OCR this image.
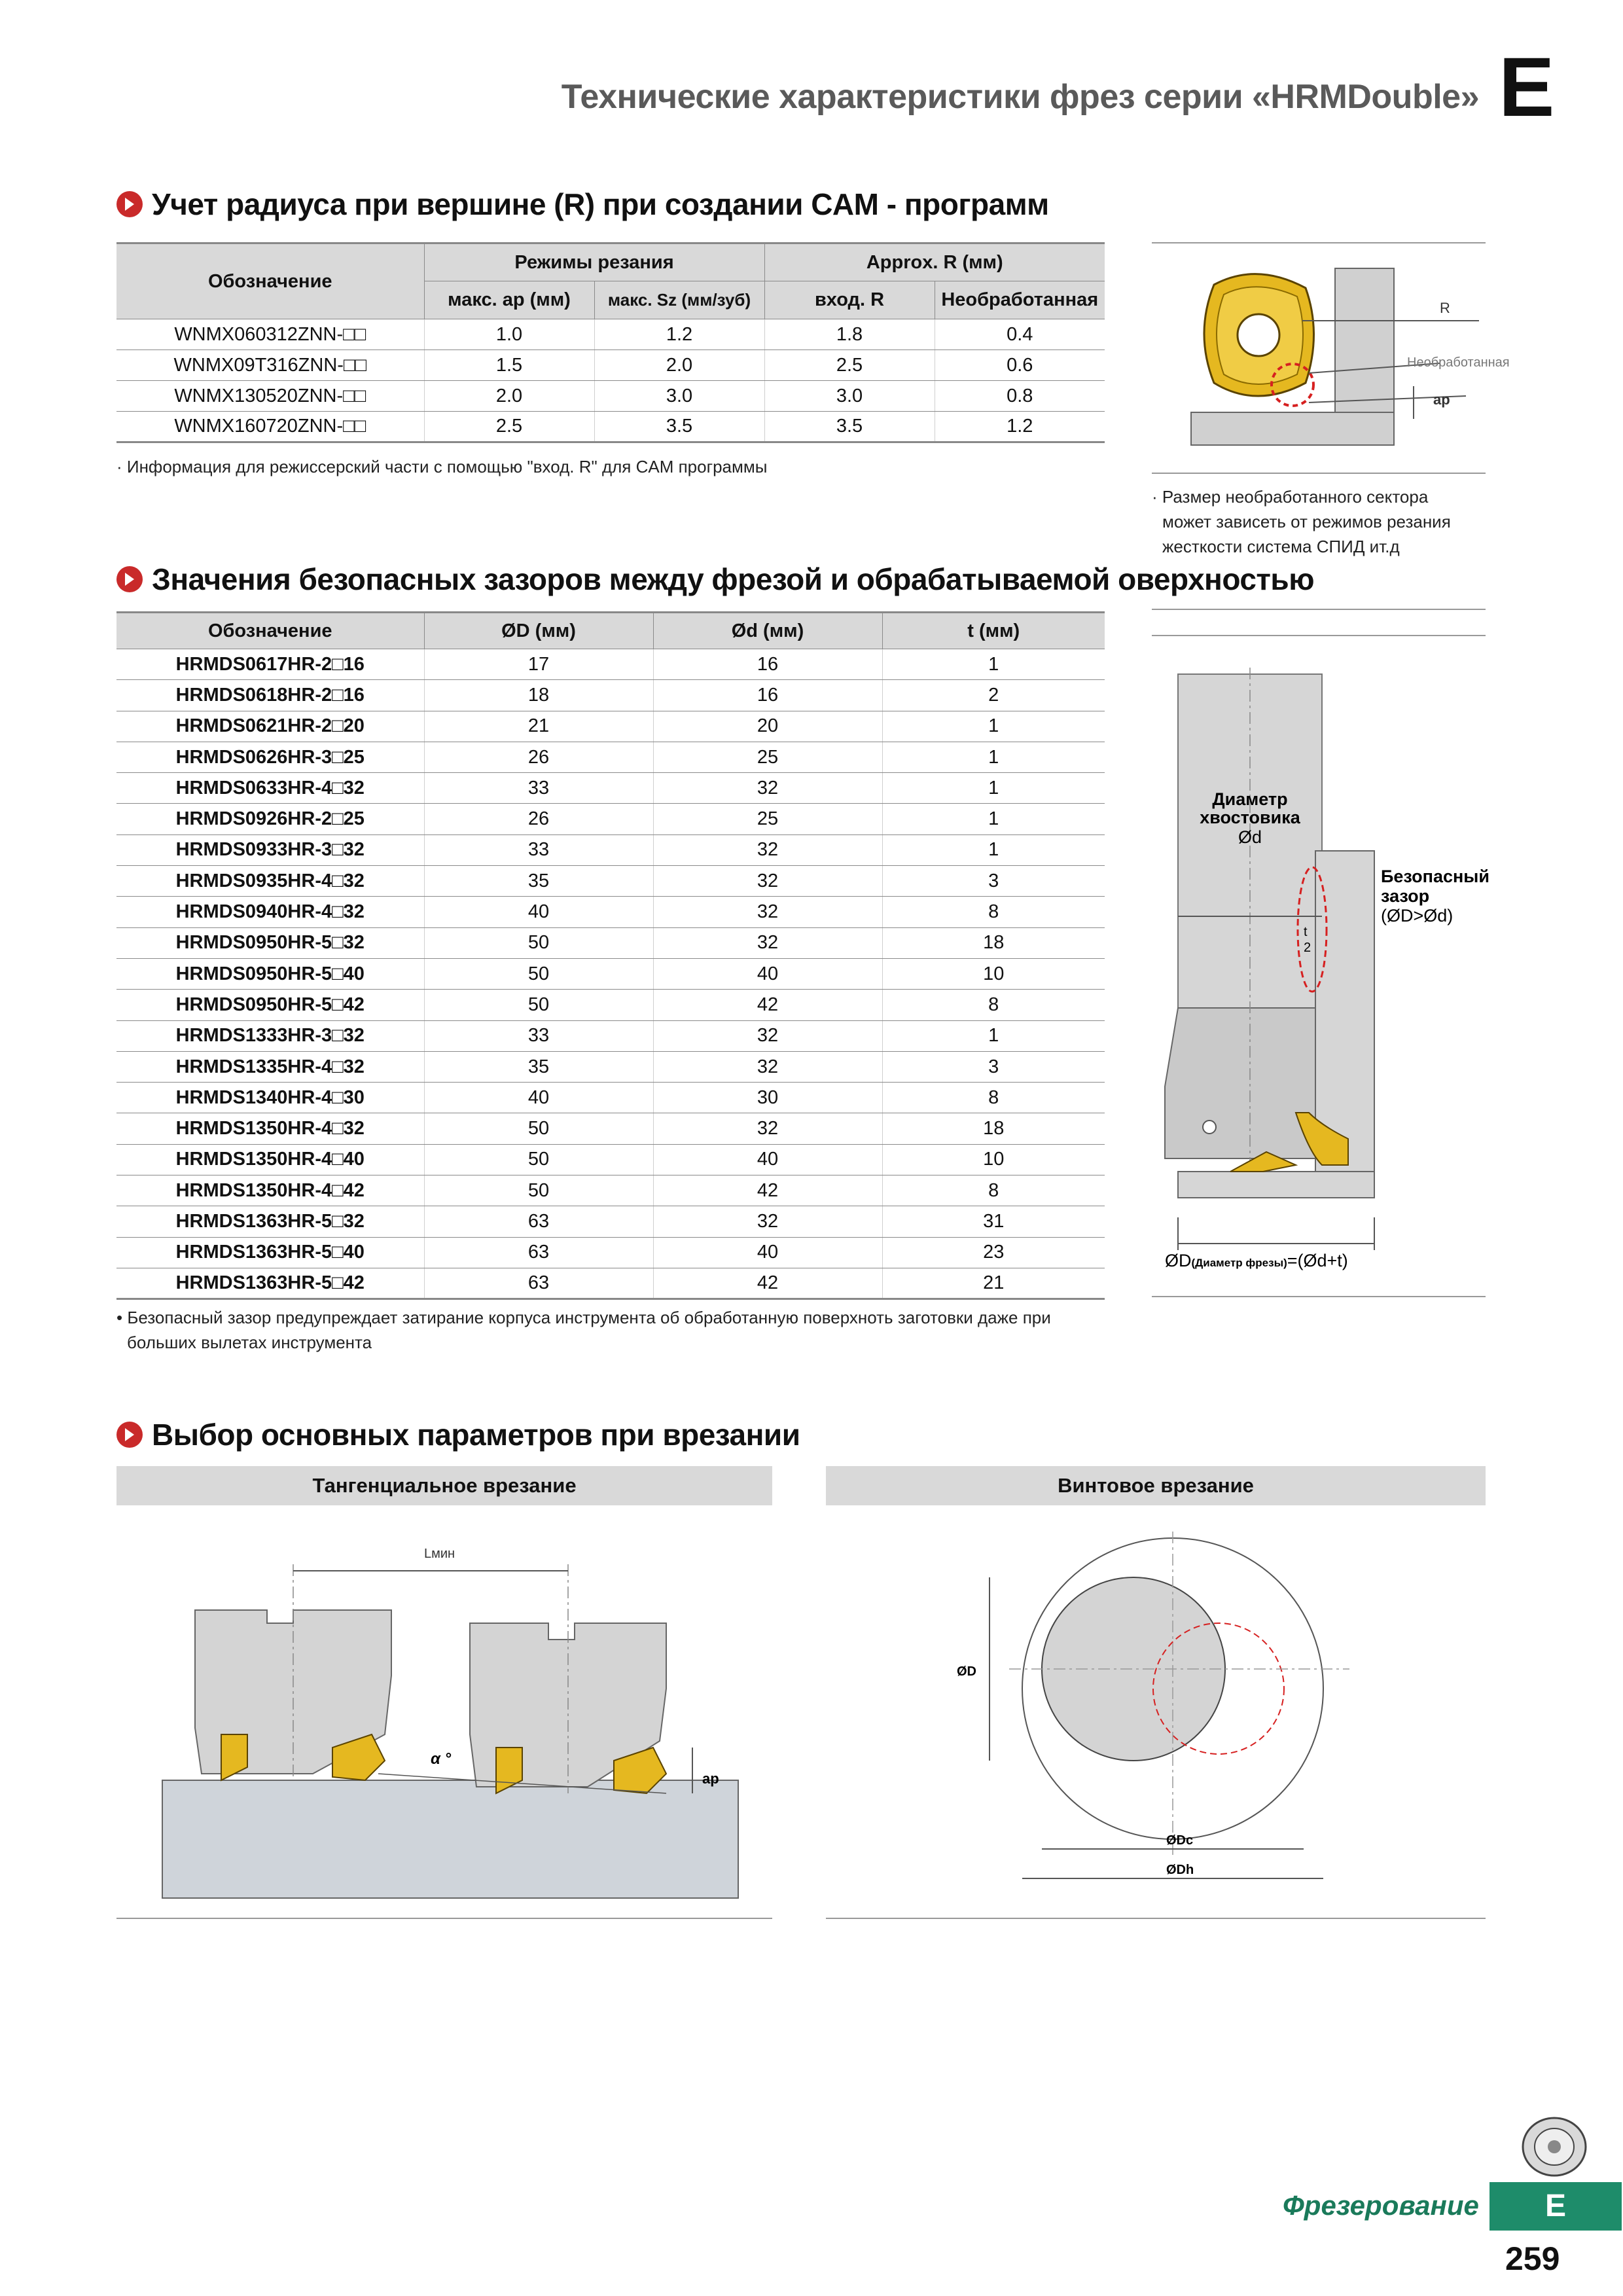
Технические характеристики фрез серии «HRMDouble» E
Учет радиуса при вершине (R) при создании CAM - программ
Обозначение	Режимы резания		Approx. R (мм)	
	макс. ap (мм)	макс. Sz (мм/зуб)	вход. R	Необработанная
WNMX060312ZNN-□□	1.0	1.2	1.8	0.4
WNMX09T316ZNN-□□	1.5	2.0	2.5	0.6
WNMX130520ZNN-□□	2.0	3.0	3.0	0.8
WNMX160720ZNN-□□	2.5	3.5	3.5	1.2
· Информация для режиссерский части с помощью "вход. R" для CAM программы
R
Необработанная
ap
· Размер необработанного сектора
может зависеть от режимов резания
жесткости система СПИД ит.д
Значения безопасных зазоров между фрезой и обрабатываемой оверхностью
Обозначение	ØD (мм)	Ød (мм)	t (мм)
HRMDS0617HR-2□16	17	16	1
HRMDS0618HR-2□16	18	16	2
HRMDS0621HR-2□20	21	20	1
HRMDS0626HR-3□25	26	25	1
HRMDS0633HR-4□32	33	32	1
HRMDS0926HR-2□25	26	25	1
HRMDS0933HR-3□32	33	32	1
HRMDS0935HR-4□32	35	32	3
HRMDS0940HR-4□32	40	32	8
HRMDS0950HR-5□32	50	32	18
HRMDS0950HR-5□40	50	40	10
HRMDS0950HR-5□42	50	42	8
HRMDS1333HR-3□32	33	32	1
HRMDS1335HR-4□32	35	32	3
HRMDS1340HR-4□30	40	30	8
HRMDS1350HR-4□32	50	32	18
HRMDS1350HR-4□40	50	40	10
HRMDS1350HR-4□42	50	42	8
HRMDS1363HR-5□32	63	32	31
HRMDS1363HR-5□40	63	40	23
HRMDS1363HR-5□42	63	42	21
• Безопасный зазор предупреждает затирание корпуса инструмента об обработанную поверхноть заготовки даже при
больших вылетах инструмента
Диаметр
хвостовика
Ød
Безопасный
зазор
(ØD>Ød)
t
2
ØD(Диаметр фрезы)=(Ød+t)
Выбор основных параметров при врезании
Тангенциальное врезание	Винтовое врезание
Lмин
α °
ap
ØD
ØDc
ØDh
Фрезерование	E
259
